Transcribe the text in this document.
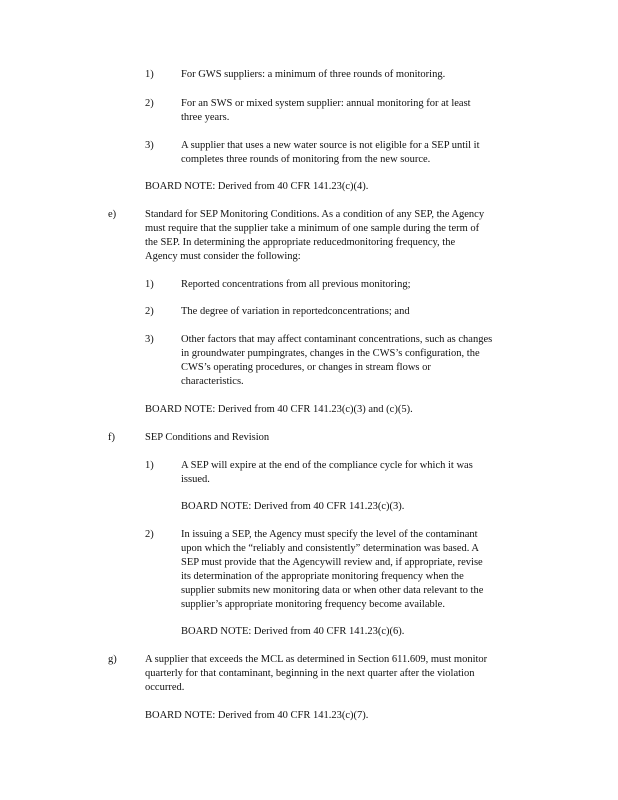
1)	For GWS suppliers: a minimum of three rounds of monitoring.
2)	For an SWS or mixed system supplier: annual monitoring for at least
three years.
3)	A supplier that uses a new water source is not eligible for a SEP until it
completes three rounds of monitoring from the new source.
BOARD NOTE: Derived from 40 CFR 141.23(c)(4).
e)	Standard for SEP Monitoring Conditions. As a condition of any SEP, the Agency
must require that the supplier take a minimum of one sample during the term of
the SEP. In determining the appropriate reducedmonitoring frequency, the
Agency must consider the following:
1)	Reported concentrations from all previous monitoring;
2)	The degree of variation in reportedconcentrations; and
3)	Other factors that may affect contaminant concentrations, such as changes
in groundwater pumpingrates, changes in the CWS’s configuration, the
CWS’s operating procedures, or changes in stream flows or
characteristics.
BOARD NOTE: Derived from 40 CFR 141.23(c)(3) and (c)(5).
f)	SEP Conditions and Revision
1)	A SEP will expire at the end of the compliance cycle for which it was
issued.
BOARD NOTE: Derived from 40 CFR 141.23(c)(3).
2)	In issuing a SEP, the Agency must specify the level of the contaminant
upon which the “reliably and consistently” determination was based. A
SEP must provide that the Agencywill review and, if appropriate, revise
its determination of the appropriate monitoring frequency when the
supplier submits new monitoring data or when other data relevant to the
supplier’s appropriate monitoring frequency become available.
BOARD NOTE: Derived from 40 CFR 141.23(c)(6).
g)	A supplier that exceeds the MCL as determined in Section 611.609, must monitor
quarterly for that contaminant, beginning in the next quarter after the violation
occurred.
BOARD NOTE: Derived from 40 CFR 141.23(c)(7).
